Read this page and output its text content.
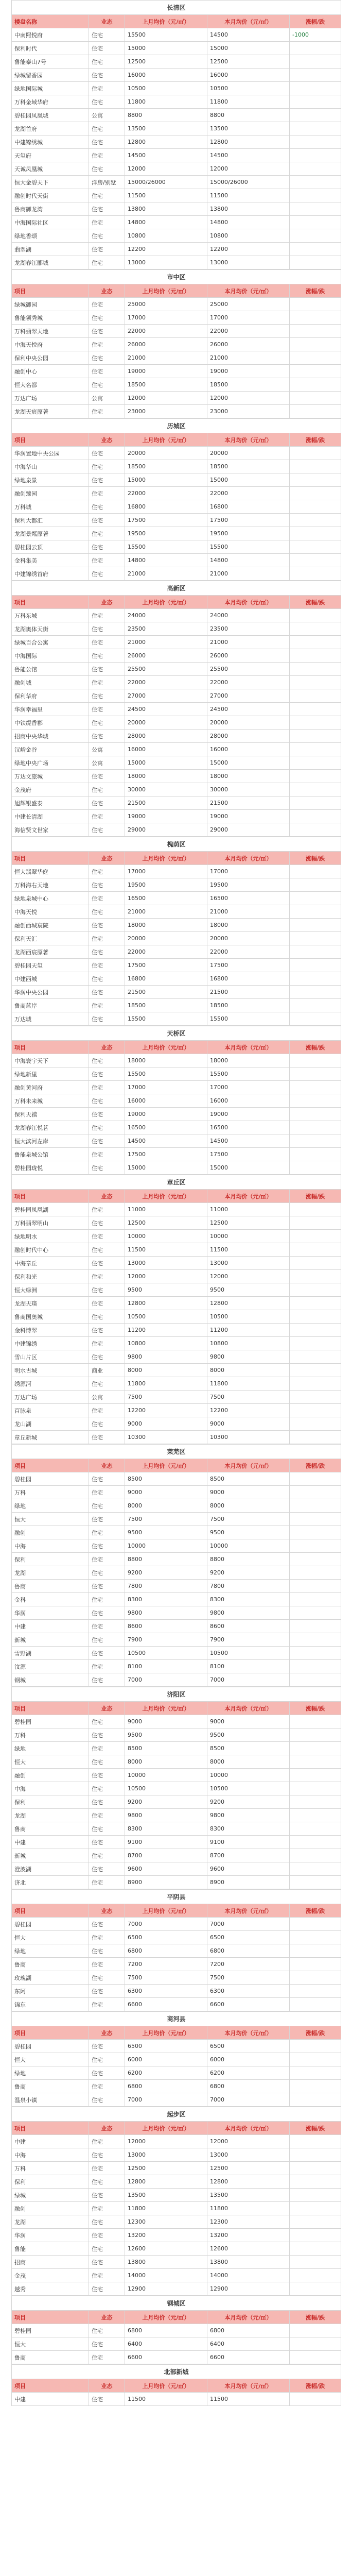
长清区				
楼盘名称	业态	上月均价（元/㎡）	本月均价（元/㎡）	涨幅/跌
中南熙悦府	住宅	15500	14500	-1000
保利时代	住宅	15000	15000	
鲁能泰山7号	住宅	12500	12500	
绿城留香园	住宅	16000	16000	
绿地国际城	住宅	10500	10500	
万科金域华府	住宅	11800	11800	
碧桂园凤凰城	公寓	8800	8800	
龙湖首府	住宅	13500	13500	
中建锦绣城	住宅	12800	12800	
天玺府	住宅	14500	14500	
天诚凤凰城	住宅	12000	12000	
恒大金碧天下	洋房/别墅	15000/26000	15000/26000	
融创时代天街	住宅	11500	11500	
鲁商御龙湾	住宅	13800	13800	
中海国际社区	住宅	14800	14800	
绿地香颂	住宅	10800	10800	
翡翠湖	住宅	12200	12200	
龙湖春江郦城	住宅	13000	13000	
市中区				
项目	业态	上月均价（元/㎡）	本月均价（元/㎡）	涨幅/跌
绿城御园	住宅	25000	25000	
鲁能领秀城	住宅	17000	17000	
万科翡翠天地	住宅	22000	22000	
中海天悦府	住宅	26000	26000	
保利中央公园	住宅	21000	21000	
融创中心	住宅	19000	19000	
恒大名都	住宅	18500	18500	
万达广场	公寓	12000	12000	
龙湖天宸原著	住宅	23000	23000	
历城区				
项目	业态	上月均价（元/㎡）	本月均价（元/㎡）	涨幅/跌
华润置地中央公园	住宅	20000	20000	
中海华山	住宅	18500	18500	
绿地泉景	住宅	15000	15000	
融创臻园	住宅	22000	22000	
万科城	住宅	16800	16800	
保利大都汇	住宅	17500	17500	
龙湖景粼原著	住宅	19500	19500	
碧桂园云顶	住宅	15500	15500	
金科集美	住宅	14800	14800	
中建锦绣首府	住宅	21000	21000	
高新区				
项目	业态	上月均价（元/㎡）	本月均价（元/㎡）	涨幅/跌
万科东城	住宅	24000	24000	
龙湖奥体天街	住宅	23500	23500	
绿城百合公寓	住宅	21000	21000	
中海国际	住宅	26000	26000	
鲁能公馆	住宅	25500	25500	
融创城	住宅	22000	22000	
保利华府	住宅	27000	27000	
华润幸福里	住宅	24500	24500	
中铁缇香郡	住宅	20000	20000	
招商中央华城	住宅	28000	28000	
汉峪金谷	公寓	16000	16000	
绿地中央广场	公寓	15000	15000	
万达文旅城	住宅	18000	18000	
金茂府	住宅	30000	30000	
旭辉银盛泰	住宅	21500	21500	
中建长清湖	住宅	19000	19000	
海信贤文世家	住宅	29000	29000	
槐荫区				
项目	业态	上月均价（元/㎡）	本月均价（元/㎡）	涨幅/跌
恒大翡翠华庭	住宅	17000	17000	
万科海右天地	住宅	19500	19500	
绿地泉城中心	住宅	16500	16500	
中海天悦	住宅	21000	21000	
融创西城宸院	住宅	18000	18000	
保利天汇	住宅	20000	20000	
龙湖西宸原著	住宅	22000	22000	
碧桂园天玺	住宅	17500	17500	
中建西城	住宅	16800	16800	
华润中央公园	住宅	21500	21500	
鲁商蓝岸	住宅	18500	18500	
万达城	住宅	15500	15500	
天桥区				
项目	业态	上月均价（元/㎡）	本月均价（元/㎡）	涨幅/跌
中海寰宇天下	住宅	18000	18000	
绿地新里	住宅	15500	15500	
融创黄河府	住宅	17000	17000	
万科未来城	住宅	16000	16000	
保利天禧	住宅	19000	19000	
龙湖春江悦茗	住宅	16500	16500	
恒大滨河左岸	住宅	14500	14500	
鲁能泉城公馆	住宅	17500	17500	
碧桂园珑悦	住宅	15000	15000	
章丘区				
项目	业态	上月均价（元/㎡）	本月均价（元/㎡）	涨幅/跌
碧桂园凤凰湖	住宅	11000	11000	
万科翡翠明山	住宅	12500	12500	
绿地明水	住宅	10000	10000	
融创时代中心	住宅	11500	11500	
中海章丘	住宅	13000	13000	
保利和光	住宅	12000	12000	
恒大绿洲	住宅	9500	9500	
龙湖天璞	住宅	12800	12800	
鲁商国奥城	住宅	10500	10500	
金科博翠	住宅	11200	11200	
中建锦绣	住宅	10800	10800	
雪山片区	住宅	9800	9800	
明水古城	商业	8000	8000	
绣源河	住宅	11800	11800	
万达广场	公寓	7500	7500	
百脉泉	住宅	12200	12200	
龙山湖	住宅	9000	9000	
章丘新城	住宅	10300	10300	
莱芜区				
项目	业态	上月均价（元/㎡）	本月均价（元/㎡）	涨幅/跌
碧桂园	住宅	8500	8500	
万科	住宅	9000	9000	
绿地	住宅	8000	8000	
恒大	住宅	7500	7500	
融创	住宅	9500	9500	
中海	住宅	10000	10000	
保利	住宅	8800	8800	
龙湖	住宅	9200	9200	
鲁商	住宅	7800	7800	
金科	住宅	8300	8300	
华润	住宅	9800	9800	
中建	住宅	8600	8600	
新城	住宅	7900	7900	
雪野湖	住宅	10500	10500	
汶源	住宅	8100	8100	
钢城	住宅	7000	7000	
济阳区				
项目	业态	上月均价（元/㎡）	本月均价（元/㎡）	涨幅/跌
碧桂园	住宅	9000	9000	
万科	住宅	9500	9500	
绿地	住宅	8500	8500	
恒大	住宅	8000	8000	
融创	住宅	10000	10000	
中海	住宅	10500	10500	
保利	住宅	9200	9200	
龙湖	住宅	9800	9800	
鲁商	住宅	8300	8300	
中建	住宅	9100	9100	
新城	住宅	8700	8700	
澄波湖	住宅	9600	9600	
济北	住宅	8900	8900	
平阴县				
项目	业态	上月均价（元/㎡）	本月均价（元/㎡）	涨幅/跌
碧桂园	住宅	7000	7000	
恒大	住宅	6500	6500	
绿地	住宅	6800	6800	
鲁商	住宅	7200	7200	
玫瑰湖	住宅	7500	7500	
东阿	住宅	6300	6300	
锦东	住宅	6600	6600	
商河县				
项目	业态	上月均价（元/㎡）	本月均价（元/㎡）	涨幅/跌
碧桂园	住宅	6500	6500	
恒大	住宅	6000	6000	
绿地	住宅	6200	6200	
鲁商	住宅	6800	6800	
温泉小镇	住宅	7000	7000	
起步区				
项目	业态	上月均价（元/㎡）	本月均价（元/㎡）	涨幅/跌
中建	住宅	12000	12000	
中海	住宅	13000	13000	
万科	住宅	12500	12500	
保利	住宅	12800	12800	
绿城	住宅	13500	13500	
融创	住宅	11800	11800	
龙湖	住宅	12300	12300	
华润	住宅	13200	13200	
鲁能	住宅	12600	12600	
招商	住宅	13800	13800	
金茂	住宅	14000	14000	
越秀	住宅	12900	12900	
钢城区				
项目	业态	上月均价（元/㎡）	本月均价（元/㎡）	涨幅/跌
碧桂园	住宅	6800	6800	
恒大	住宅	6400	6400	
鲁商	住宅	6600	6600	
北部新城				
项目	业态	上月均价（元/㎡）	本月均价（元/㎡）	涨幅/跌
中建	住宅	11500	11500	
